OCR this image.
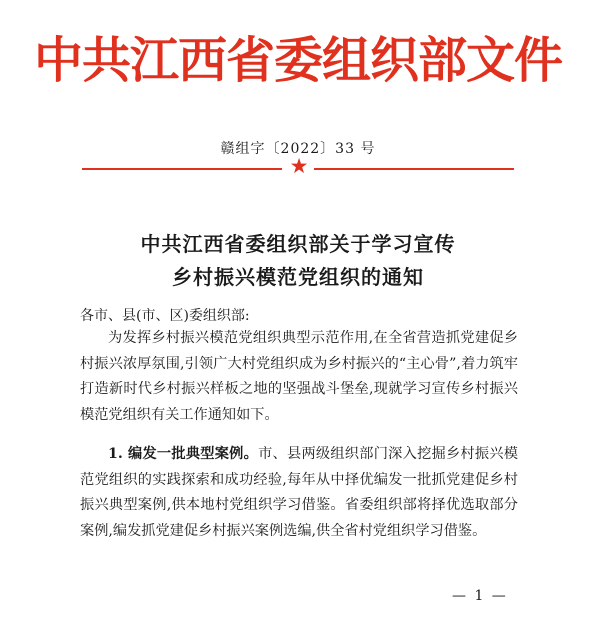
中共江西省委组织部文件
赣组字〔2022〕33 号
★
中共江西省委组织部关于学习宣传
乡村振兴模范党组织的通知
各市、县(市、区)委组织部:
为发挥乡村振兴模范党组织典型示范作用,在全省营造抓党建促乡村振兴浓厚氛围,引领广大村党组织成为乡村振兴的“主心骨”,着力筑牢打造新时代乡村振兴样板之地的坚强战斗堡垒,现就学习宣传乡村振兴模范党组织有关工作通知如下。
1. 编发一批典型案例。市、县两级组织部门深入挖掘乡村振兴模范党组织的实践探索和成功经验,每年从中择优编发一批抓党建促乡村振兴典型案例,供本地村党组织学习借鉴。省委组织部将择优选取部分案例,编发抓党建促乡村振兴案例选编,供全省村党组织学习借鉴。
— 1 —
